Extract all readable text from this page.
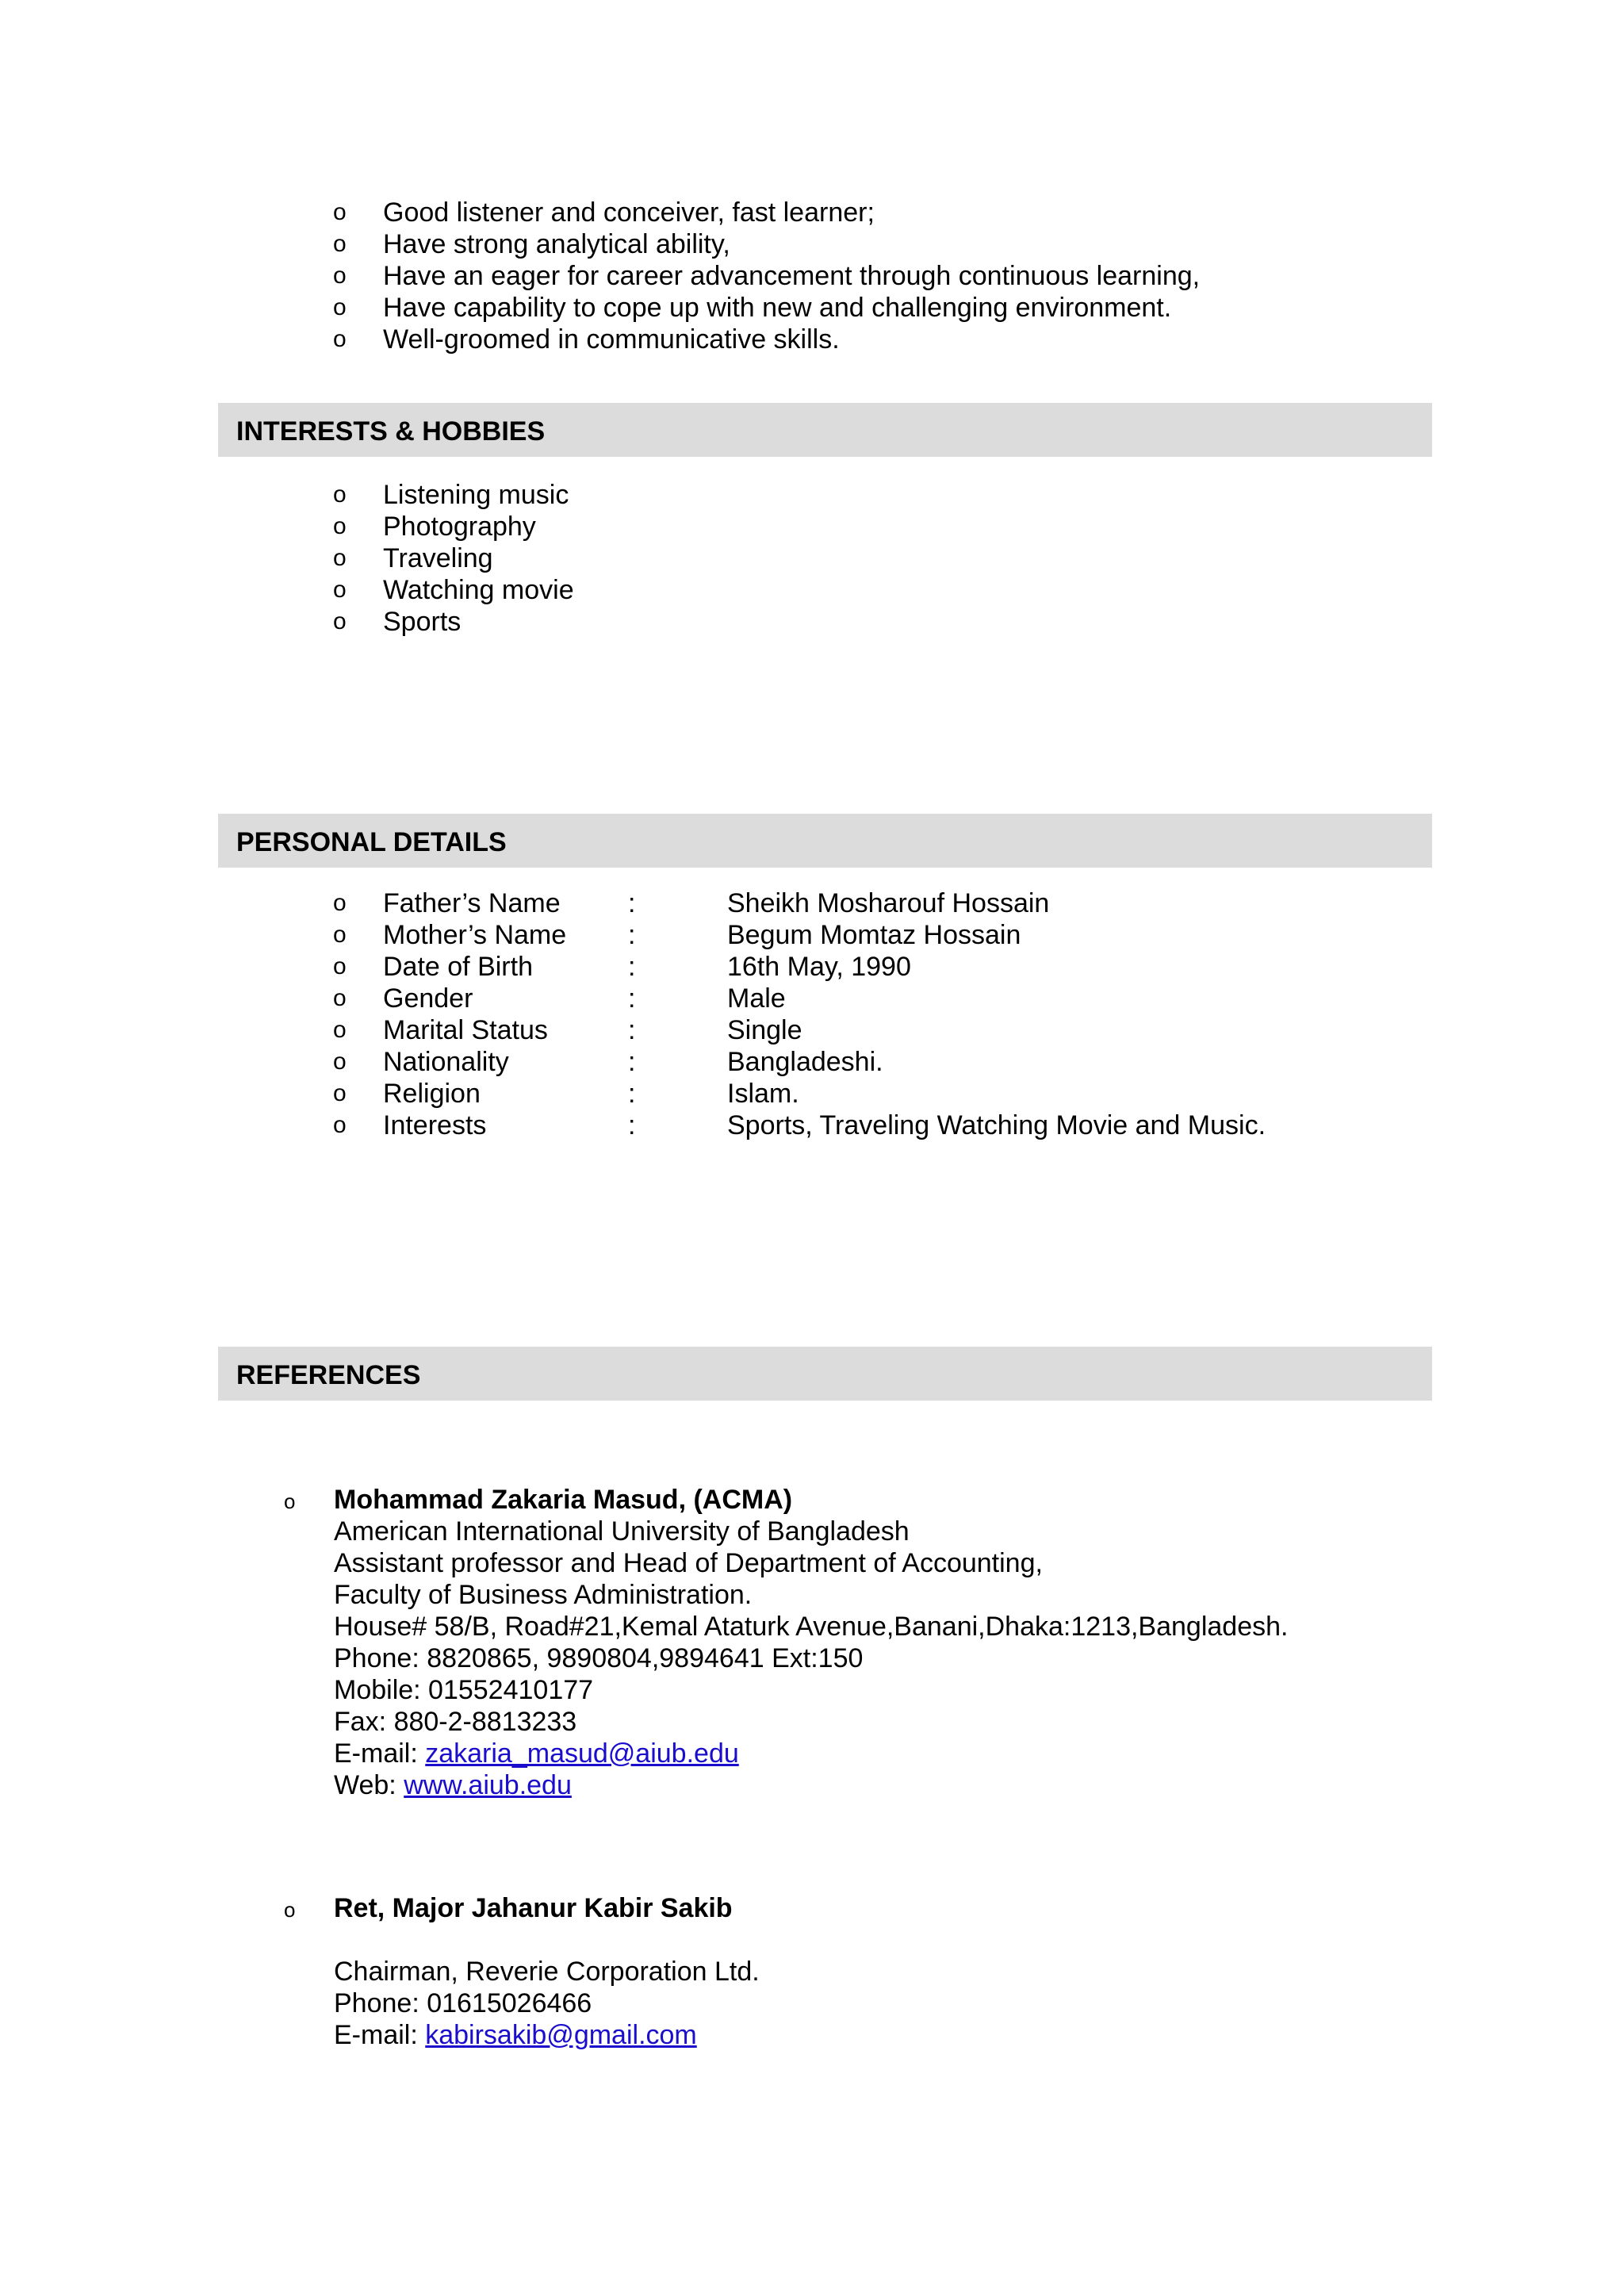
o Good listener and conceiver, fast learner;
o Have strong analytical ability,
o Have an eager for career advancement through continuous learning,
o Have capability to cope up with new and challenging environment.
o Well-groomed in communicative skills.
INTERESTS & HOBBIES
o Listening music
o Photography
o Traveling
o Watching movie
o Sports
PERSONAL DETAILS
o Father’s Name	:	Sheikh Mosharouf Hossain
o Mother’s Name :	Begum Momtaz Hossain
o Date of Birth	:	16th May, 1990
o Gender	:	Male
o Marital Status	:	Single
o Nationality	:	Bangladeshi.
o Religion	:	Islam.
o Interests	:	Sports, Traveling Watching Movie and Music.
REFERENCES
o Mohammad Zakaria Masud, (ACMA)
American International University of Bangladesh
Assistant professor and Head of Department of Accounting,
Faculty of Business Administration.
House# 58/B, Road#21,Kemal Ataturk Avenue,Banani,Dhaka:1213,Bangladesh.
Phone: 8820865, 9890804,9894641 Ext:150
Mobile: 01552410177
Fax: 880-2-8813233
E-mail: zakaria_masud@aiub.edu
Web: www.aiub.edu
o Ret, Major Jahanur Kabir Sakib
Chairman, Reverie Corporation Ltd.
Phone: 01615026466
E-mail: kabirsakib@gmail.com
